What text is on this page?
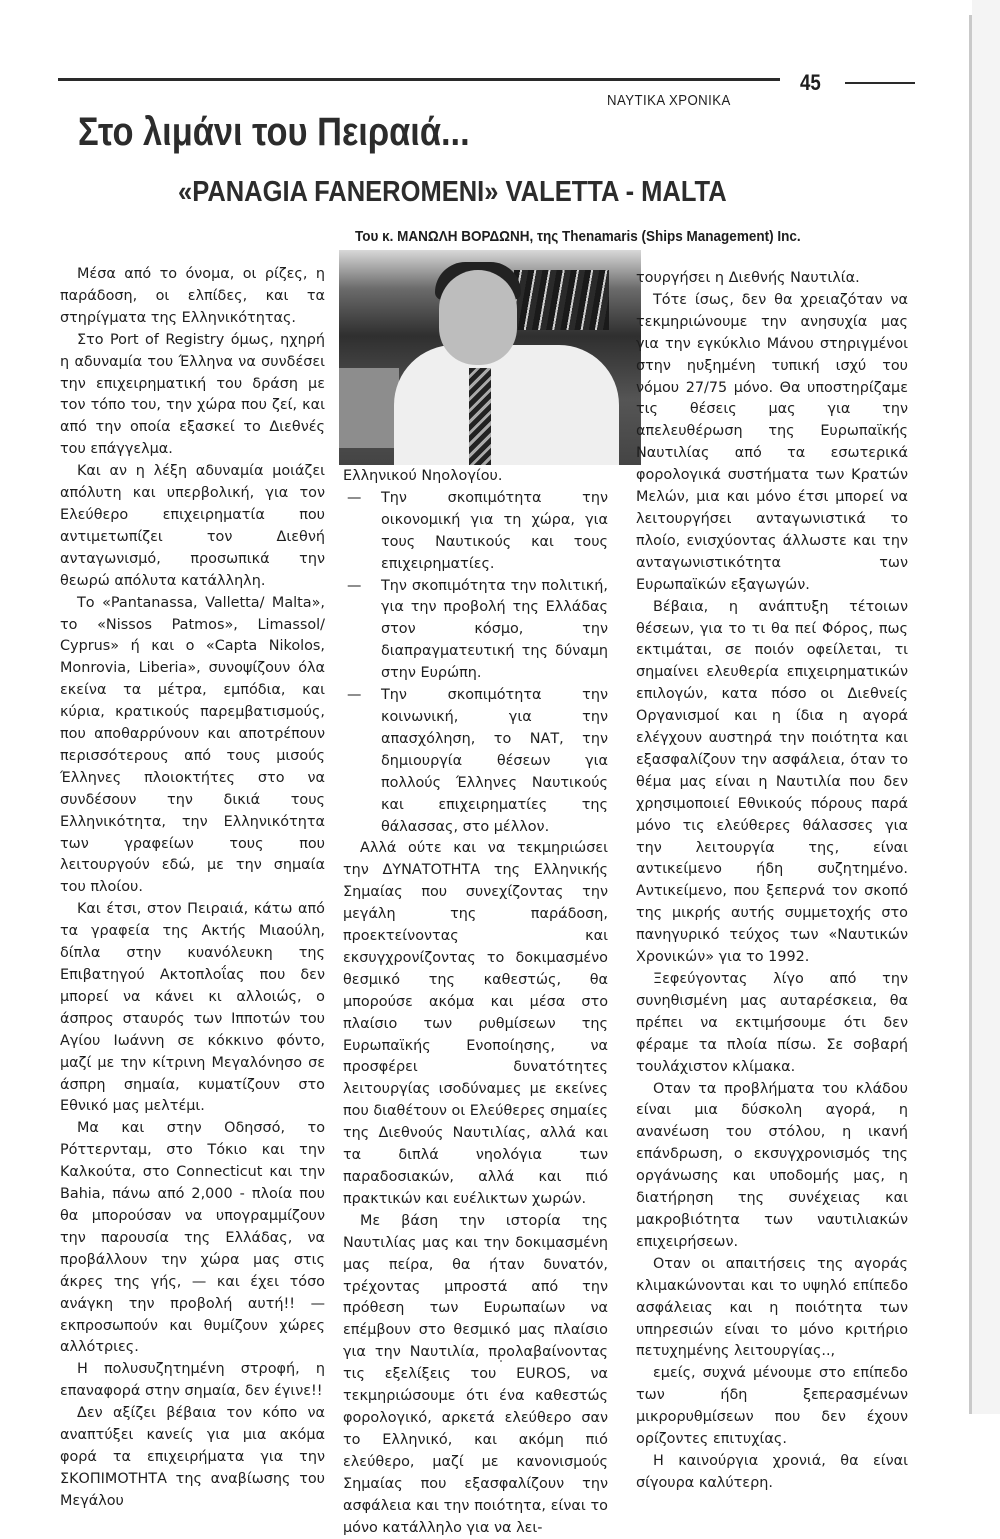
45
ΝΑΥΤΙΚΑ ΧΡΟΝΙΚΑ
Στο λιμάνι του Πειραιά...
«PANAGIA FANEROMENI» VALETTA - MALTA
Του κ. ΜΑΝΩΛΗ ΒΟΡΔΩΝΗ, της Thenamaris (Ships Management) Inc.

Μέσα από το όνομα, οι ρίζες, η παράδοση, οι ελπίδες, και τα στηρίγματα της Ελληνικότητας.

Στο Port of Registry όμως, ηχηρή η αδυναμία του Έλληνα να συνδέσει την επιχειρηματική του δράση με τον τόπο του, την χώρα που ζεί, και από την οποία εξασκεί το Διεθνές του επάγγελμα.

Και αν η λέξη αδυναμία μοιάζει απόλυτη και υπερβολική, για τον Ελεύθερο επιχειρηματία που αντιμετωπίζει τον Διεθνή ανταγωνισμό, προσωπικά την θεωρώ απόλυτα κατάλληλη.

Το «Pantanassa, Valletta/ Malta», το «Nissos Patmos», Limassol/ Cyprus» ή και ο «Capta Nikolos, Monrovia, Liberia», συνοψίζουν όλα εκείνα τα μέτρα, εμπόδια, και κύρια, κρατικούς παρεμβατισμούς, που αποθαρρύνουν και αποτρέπουν περισσότερους από τους μισούς Έλληνες πλοιοκτήτες στο να συνδέσουν την δικιά τους Ελληνικότητα, την Ελληνικότητα των γραφείων τους που λειτουργούν εδώ, με την σημαία του πλοίου.

Και έτσι, στον Πειραιά, κάτω από τα γραφεία της Ακτής Μιαούλη, δίπλα στην κυανόλευκη της Επιβατηγού Ακτοπλοΐας που δεν μπορεί να κάνει κι αλλοιώς, ο άσπρος σταυρός των Ιπποτών του Αγίου Ιωάννη σε κόκκινο φόντο, μαζί με την κίτρινη Μεγαλόνησο σε άσπρη σημαία, κυματίζουν στο Εθνικό μας μελτέμι.

Μα και στην Οδησσό, το Ρόττερνταμ, στο Τόκιο και την Καλκούτα, στο Connecticut και την Bahia, πάνω από 2,000 - πλοία που θα μπορούσαν να υπογραμμίζουν την παρουσία της Ελλάδας, να προβάλλουν την χώρα μας στις άκρες της γής, — και έχει τόσο ανάγκη την προβολή αυτή!! — εκπροσωπούν και θυμίζουν χώρες αλλότριες.

Η πολυσυζητημένη στροφή, η επαναφορά στην σημαία, δεν έγινε!!

Δεν αξίζει βέβαια τον κόπο να αναπτύξει κανείς για μια ακόμα φορά τα επιχειρήματα για την ΣΚΟΠΙΜΟΤΗΤΑ της αναβίωσης του Μεγάλου

Ελληνικού Νηολογίου.

— Την σκοπιμότητα την οικονομική για τη χώρα, για τους Ναυτικούς και τους επιχειρηματίες.
— Την σκοπιμότητα την πολιτική, για την προβολή της Ελλάδας στον κόσμο, την διαπραγματευτική της δύναμη στην Ευρώπη.
— Την σκοπιμότητα την κοινωνική, για την απασχόληση, το ΝΑΤ, την δημιουργία θέσεων για πολλούς Έλληνες Ναυτικούς και επιχειρηματίες της θάλασσας, στο μέλλον.

Αλλά ούτε και να τεκμηριώσει την ΔΥΝΑΤΟΤΗΤΑ της Ελληνικής Σημαίας που συνεχίζοντας την μεγάλη της παράδοση, προεκτείνοντας και εκσυγχρονίζοντας το δοκιμασμένο θεσμικό της καθεστώς, θα μπορούσε ακόμα και μέσα στο πλαίσιο των ρυθμίσεων της Ευρωπαϊκής Ενοποίησης, να προσφέρει δυνατότητες λειτουργίας ισοδύναμες με εκείνες που διαθέτουν οι Ελεύθερες σημαίες της Διεθνούς Ναυτιλίας, αλλά και τα διπλά νηολόγια των παραδοσιακών, αλλά και πιό πρακτικών και ευέλικτων χωρών.

Με βάση την ιστορία της Ναυτιλίας μας και την δοκιμασμένη μας πείρα, θα ήταν δυνατόν, τρέχοντας μπροστά από την πρόθεση των Ευρωπαίων να επέμβουν στο θεσμικό μας πλαίσιο για την Ναυτιλία, προλαβαίνοντας τις εξελίξεις του EUROS, να τεκμηριώσουμε ότι ένα καθεστώς φορολογικό, αρκετά ελεύθερο σαν το Ελληνικό, και ακόμη πιό ελεύθερο, μαζί με κανονισμούς Σημαίας που εξασφαλίζουν την ασφάλεια και την ποιότητα, είναι το μόνο κατάλληλο για να λει-

τουργήσει η Διεθνής Ναυτιλία.

Τότε ίσως, δεν θα χρειαζόταν να τεκμηριώνουμε την ανησυχία μας για την εγκύκλιο Μάνου στηριγμένοι στην ηυξημένη τυπική ισχύ του νόμου 27/75 μόνο. Θα υποστηρίζαμε τις θέσεις μας για την απελευθέρωση της Ευρωπαϊκής Ναυτιλίας από τα εσωτερικά φορολογικά συστήματα των Κρατών Μελών, μια και μόνο έτσι μπορεί να λειτουργήσει ανταγωνιστικά το πλοίο, ενισχύοντας άλλωστε και την ανταγωνιστικότητα των Ευρωπαϊκών εξαγωγών.

Βέβαια, η ανάπτυξη τέτοιων θέσεων, για το τι θα πεί Φόρος, πως εκτιμάται, σε ποιόν οφείλεται, τι σημαίνει ελευθερία επιχειρηματικών επιλογών, κατα πόσο οι Διεθνείς Οργανισμοί και η ίδια η αγορά ελέγχουν αυστηρά την ποιότητα και εξασφαλίζουν την ασφάλεια, όταν το θέμα μας είναι η Ναυτιλία που δεν χρησιμοποιεί Εθνικούς πόρους παρά μόνο τις ελεύθερες θάλασσες για την λειτουργία της, είναι αντικείμενο ήδη συζητημένο. Αντικείμενο, που ξεπερνά τον σκοπό της μικρής αυτής συμμετοχής στο πανηγυρικό τεύχος των «Ναυτικών Χρονικών» για το 1992.

Ξεφεύγοντας λίγο από την συνηθισμένη μας αυταρέσκεια, θα πρέπει να εκτιμήσουμε ότι δεν φέραμε τα πλοία πίσω. Σε σοβαρή τουλάχιστον κλίμακα.

Οταν τα προβλήματα του κλάδου είναι μια δύσκολη αγορά, η ανανέωση του στόλου, η ικανή επάνδρωση, ο εκσυγχρονισμός της οργάνωσης και υποδομής μας, η διατήρηση της συνέχειας και μακροβιότητα των ναυτιλιακών επιχειρήσεων.

Οταν οι απαιτήσεις της αγοράς κλιμακώνονται και το υψηλό επίπεδο ασφάλειας και η ποιότητα των υπηρεσιών είναι το μόνο κριτήριο πετυχημένης λειτουργίας..,

εμείς, συχνά μένουμε στο επίπεδο των ήδη ξεπερασμένων μικρορυθμίσεων που δεν έχουν ορίζοντες επιτυχίας.

Η καινούργια χρονιά, θα είναι σίγουρα καλύτερη.
